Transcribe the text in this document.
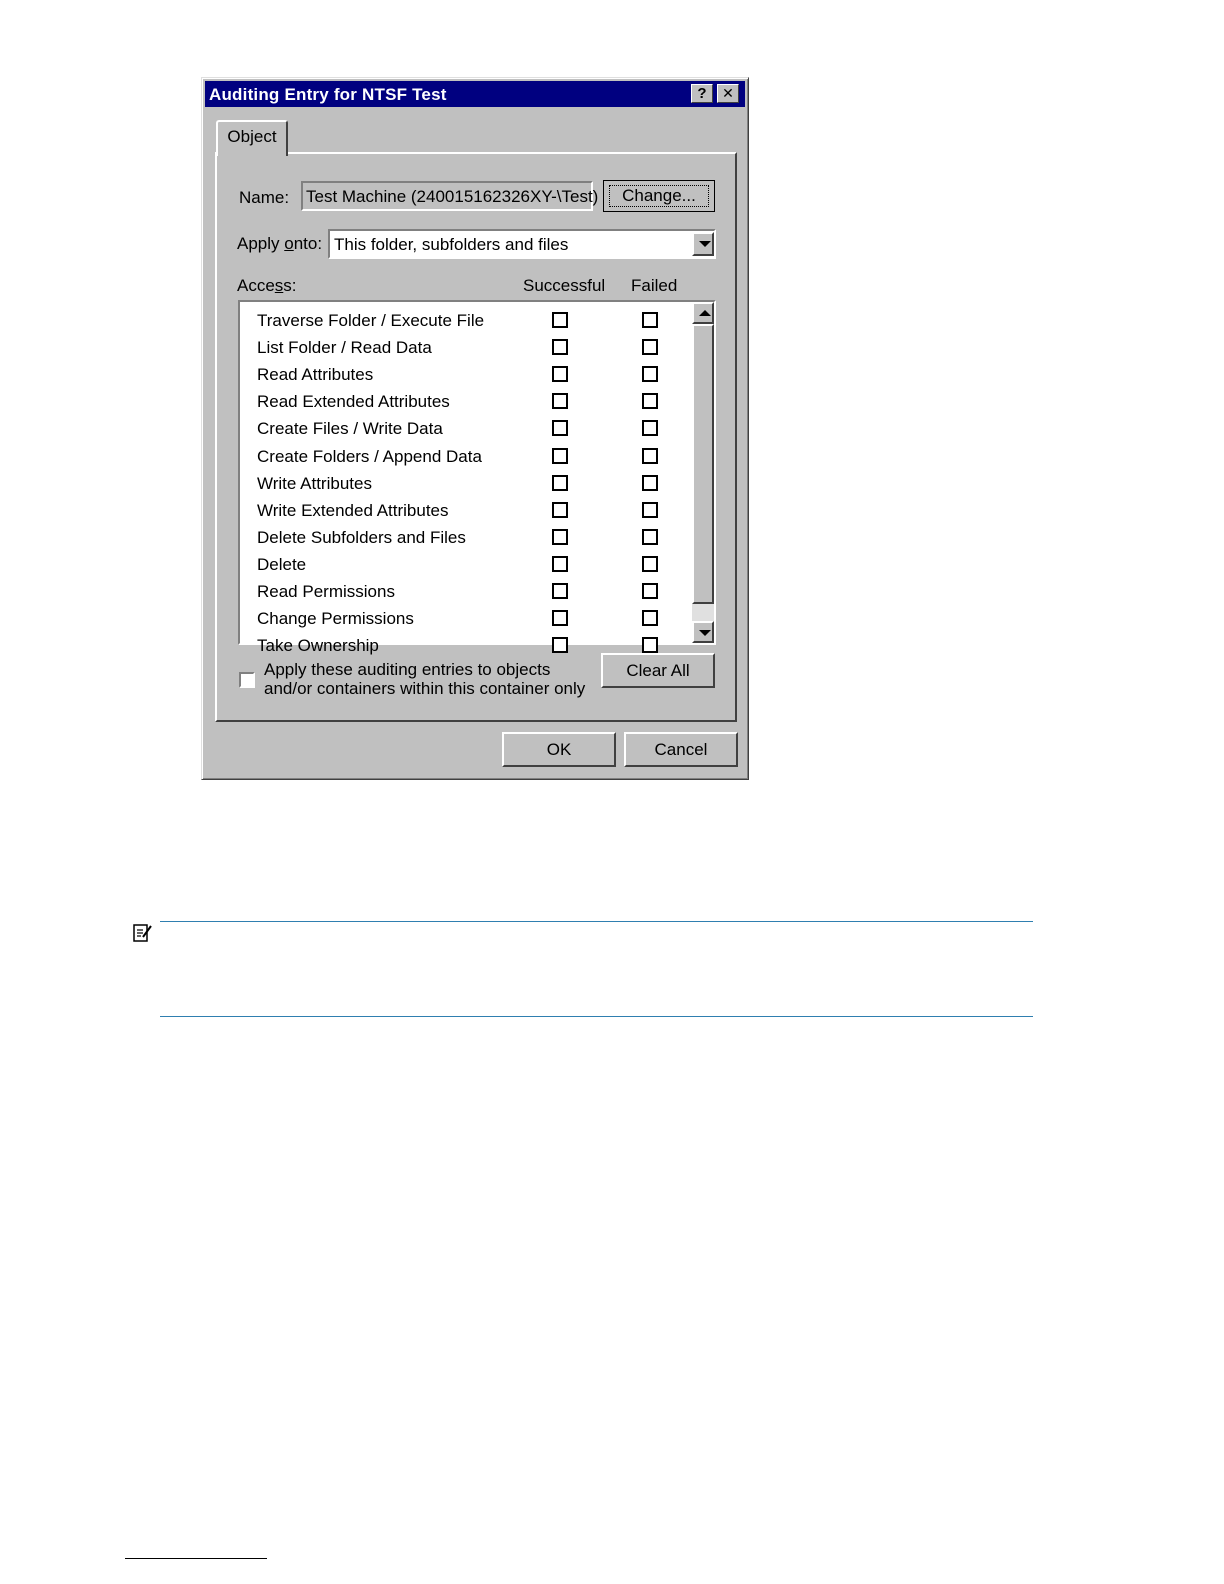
Auditing Entry for NTSF Test	?	✕
Object
Name: Test Machine (240015162326XY-\Test)	Change...
Apply onto: This folder, subfolders and files
Access:	Successful Failed
Traverse Folder / Execute File
List Folder / Read Data
Read Attributes
Read Extended Attributes
Create Files / Write Data
Create Folders / Append Data
Write Attributes
Write Extended Attributes
Delete Subfolders and Files
Delete
Read Permissions
Change Permissions
Take Ownership
Apply these auditing entries to objects
and/or containers within this container only
Clear All
OK	Cancel
